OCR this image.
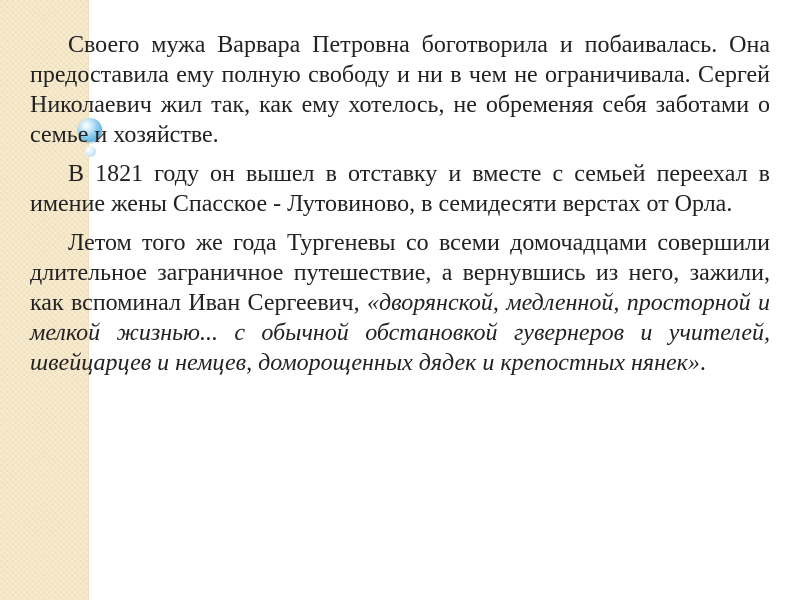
Своего мужа Варвара Петровна боготворила и побаивалась. Она предоставила ему полную свободу и ни в чем не ограничивала. Сергей Николаевич жил так, как ему хотелось, не обременяя себя заботами о семье и хозяйстве.

В 1821 году он вышел в отставку и вместе с семьей переехал в имение жены Спасское - Лутовиново, в семидесяти верстах от Орла.

Летом того же года Тургеневы со всеми домочадцами совершили длительное заграничное путешествие, а вернувшись из него, зажили, как вспоминал Иван Сергеевич, «дворянской, медленной, просторной и мелкой жизнью... с обычной обстановкой гувернеров и учителей, швейцарцев и немцев, доморощенных дядек и крепостных нянек».
